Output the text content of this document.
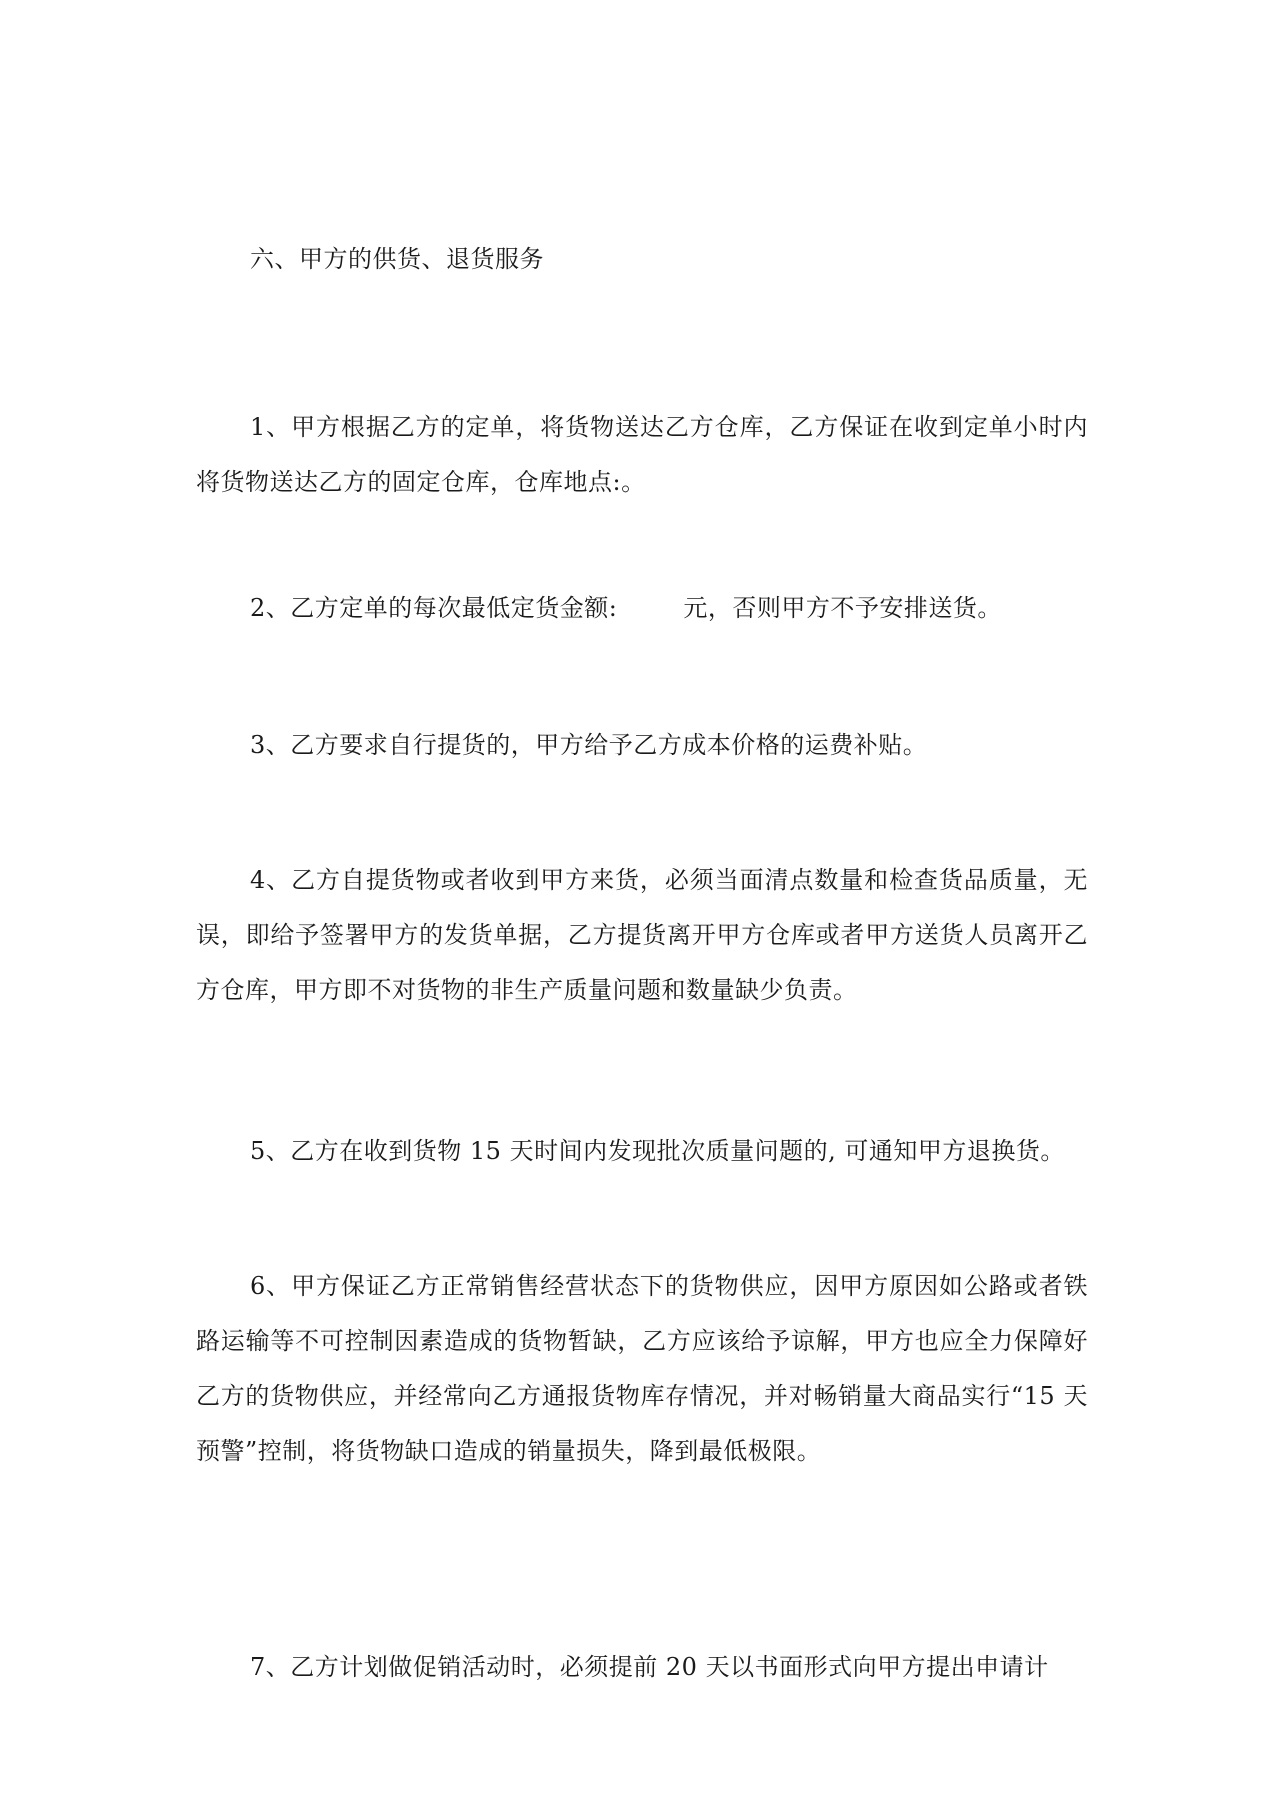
六、甲方的供货、退货服务

1、甲方根据乙方的定单，将货物送达乙方仓库，乙方保证在收到定单小时内将货物送达乙方的固定仓库，仓库地点:。

2、乙方定单的每次最低定货金额:	元，否则甲方不予安排送货。

3、乙方要求自行提货的，甲方给予乙方成本价格的运费补贴。

4、乙方自提货物或者收到甲方来货，必须当面清点数量和检查货品质量，无误，即给予签署甲方的发货单据，乙方提货离开甲方仓库或者甲方送货人员离开乙方仓库，甲方即不对货物的非生产质量问题和数量缺少负责。

5、乙方在收到货物 15 天时间内发现批次质量问题的, 可通知甲方退换货。

6、甲方保证乙方正常销售经营状态下的货物供应，因甲方原因如公路或者铁路运输等不可控制因素造成的货物暂缺，乙方应该给予谅解，甲方也应全力保障好乙方的货物供应，并经常向乙方通报货物库存情况，并对畅销量大商品实行“15 天预警”控制，将货物缺口造成的销量损失，降到最低极限。

7、乙方计划做促销活动时，必须提前 20 天以书面形式向甲方提出申请计
